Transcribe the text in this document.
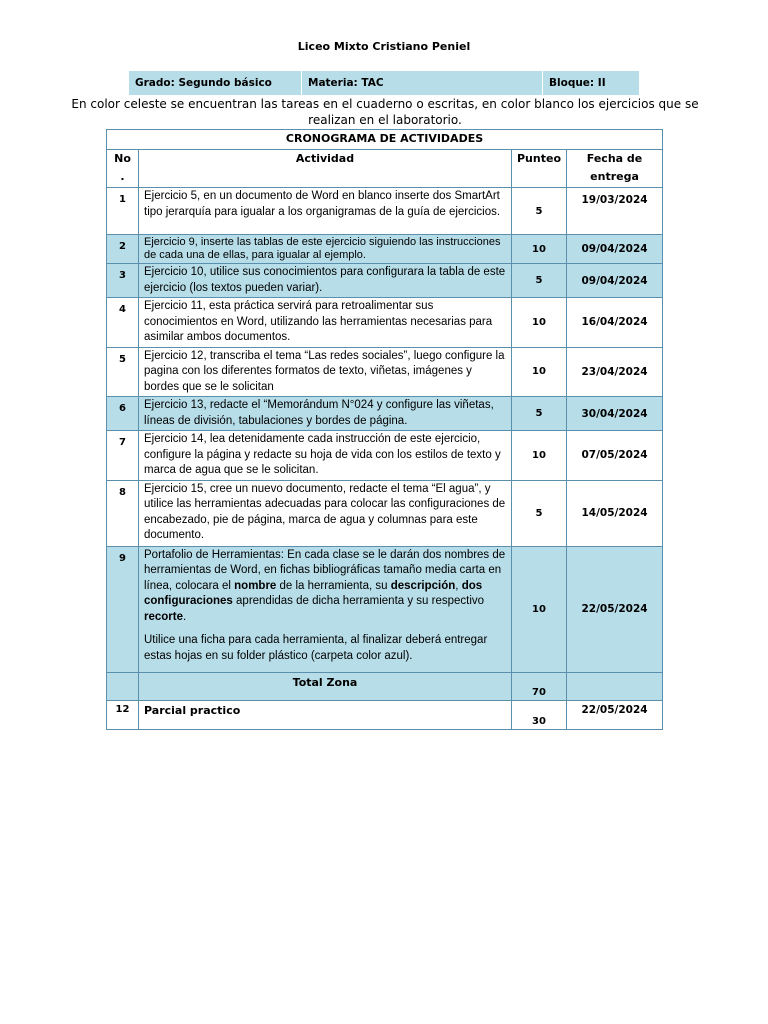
Liceo Mixto Cristiano Peniel
Grado: Segundo básico	Materia: TAC	Bloque: II
En color celeste se encuentran las tareas en el cuaderno o escritas, en color blanco los ejercicios que se realizan en el laboratorio.
CRONOGRAMA DE ACTIVIDADES			
No .	Actividad	Punteo	Fecha de entrega
1	Ejercicio 5, en un documento de Word en blanco inserte dos SmartArt tipo jerarquía para igualar a los organigramas de la guía de ejercicios.	5	19/03/2024
2	Ejercicio 9, inserte las tablas de este ejercicio siguiendo las instrucciones de cada una de ellas, para igualar al ejemplo.	10	09/04/2024
3	Ejercicio 10, utilice sus conocimientos para configurara la tabla de este ejercicio (los textos pueden variar).	5	09/04/2024
4	Ejercicio 11, esta práctica servirá para retroalimentar sus conocimientos en Word, utilizando las herramientas necesarias para asimilar ambos documentos.	10	16/04/2024
5	Ejercicio 12, transcriba el tema “Las redes sociales”, luego configure la pagina con los diferentes formatos de texto, viñetas, imágenes y bordes que se le solicitan	10	23/04/2024
6	Ejercicio 13, redacte el “Memorándum N°024 y configure las viñetas, líneas de división, tabulaciones y bordes de página.	5	30/04/2024
7	Ejercicio 14, lea detenidamente cada instrucción de este ejercicio, configure la página y redacte su hoja de vida con los estilos de texto y marca de agua que se le solicitan.	10	07/05/2024
8	Ejercicio 15, cree un nuevo documento, redacte el tema “El agua”, y utilice las herramientas adecuadas para colocar las configuraciones de encabezado, pie de página, marca de agua y columnas para este documento.	5	14/05/2024
9	Portafolio de Herramientas: En cada clase se le darán dos nombres de herramientas de Word, en fichas bibliográficas tamaño media carta en línea, colocara el nombre de la herramienta, su descripción, dos configuraciones aprendidas de dicha herramienta y su respectivo recorte.

Utilice una ficha para cada herramienta, al finalizar deberá entregar estas hojas en su folder plástico (carpeta color azul).	10	22/05/2024
	Total Zona	70	
12	Parcial practico	30	22/05/2024
